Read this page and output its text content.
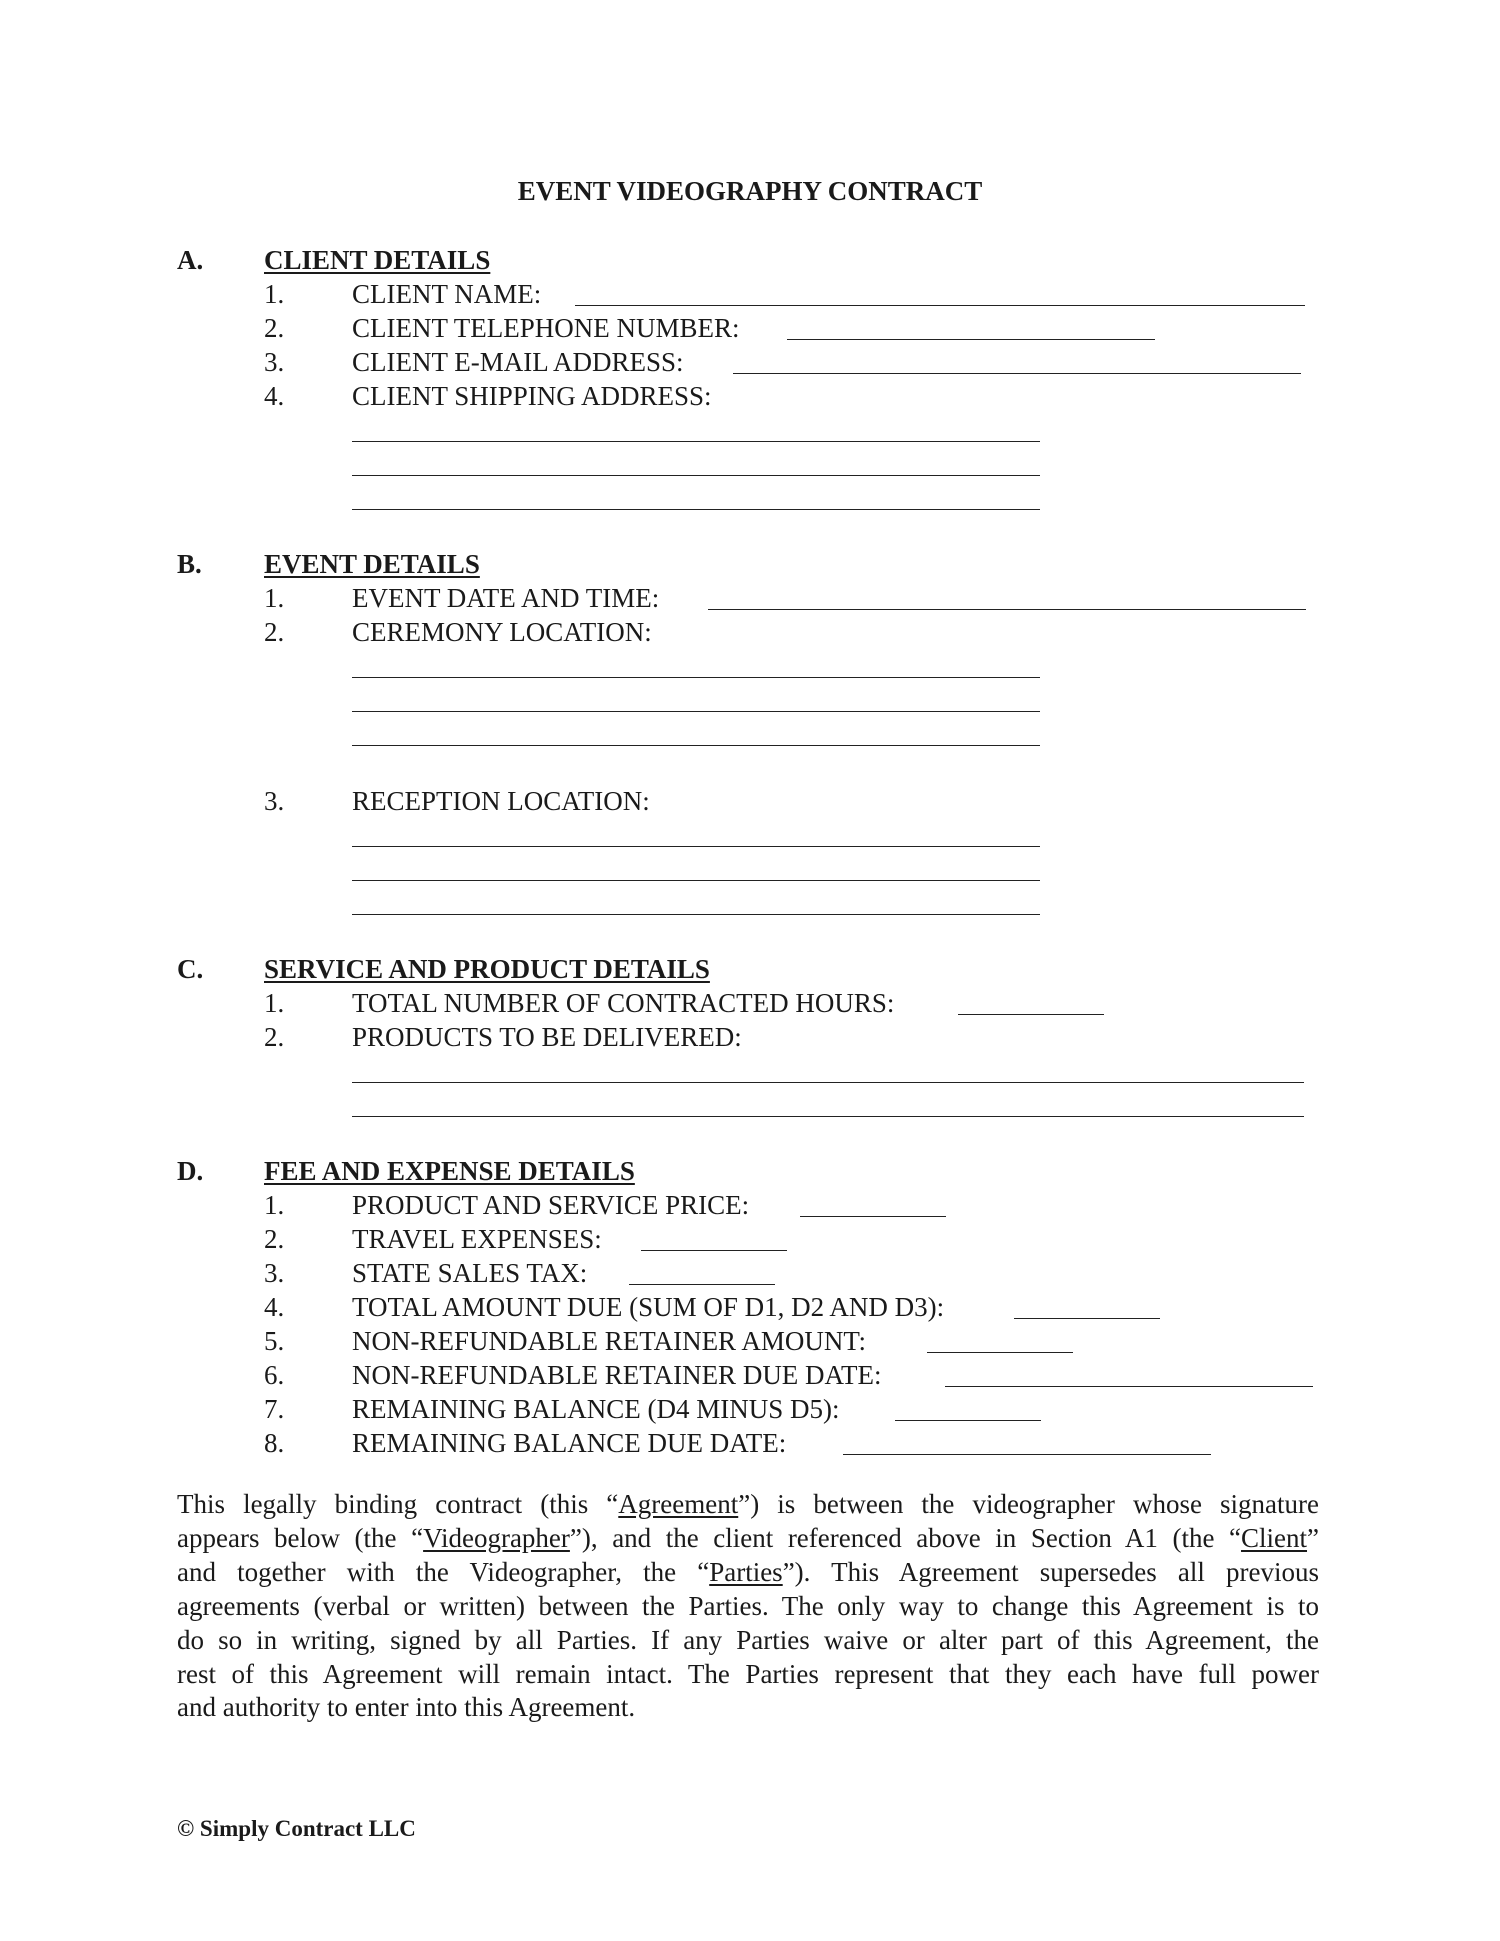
EVENT VIDEOGRAPHY CONTRACT
A. CLIENT DETAILS
1.	CLIENT NAME:
2.	CLIENT TELEPHONE NUMBER:
3.	CLIENT E-MAIL ADDRESS:
4.	CLIENT SHIPPING ADDRESS:
B. EVENT DETAILS
1.	EVENT DATE AND TIME:
2.	CEREMONY LOCATION:
3.	RECEPTION LOCATION:
C. SERVICE AND PRODUCT DETAILS
1.	TOTAL NUMBER OF CONTRACTED HOURS:
2.	PRODUCTS TO BE DELIVERED:
D. FEE AND EXPENSE DETAILS
1.	PRODUCT AND SERVICE PRICE:
2.	TRAVEL EXPENSES:
3.	STATE SALES TAX:
4.	TOTAL AMOUNT DUE (SUM OF D1, D2 AND D3):
5.	NON-REFUNDABLE RETAINER AMOUNT:
6.	NON-REFUNDABLE RETAINER DUE DATE:
7.	REMAINING BALANCE (D4 MINUS D5):
8.	REMAINING BALANCE DUE DATE:
This legally binding contract (this “Agreement”) is between the videographer whose signature
appears below (the “Videographer”), and the client referenced above in Section A1 (the “Client”
and together with the Videographer, the “Parties”). This Agreement supersedes all previous
agreements (verbal or written) between the Parties. The only way to change this Agreement is to
do so in writing, signed by all Parties. If any Parties waive or alter part of this Agreement, the
rest of this Agreement will remain intact. The Parties represent that they each have full power
and authority to enter into this Agreement.
© Simply Contract LLC
